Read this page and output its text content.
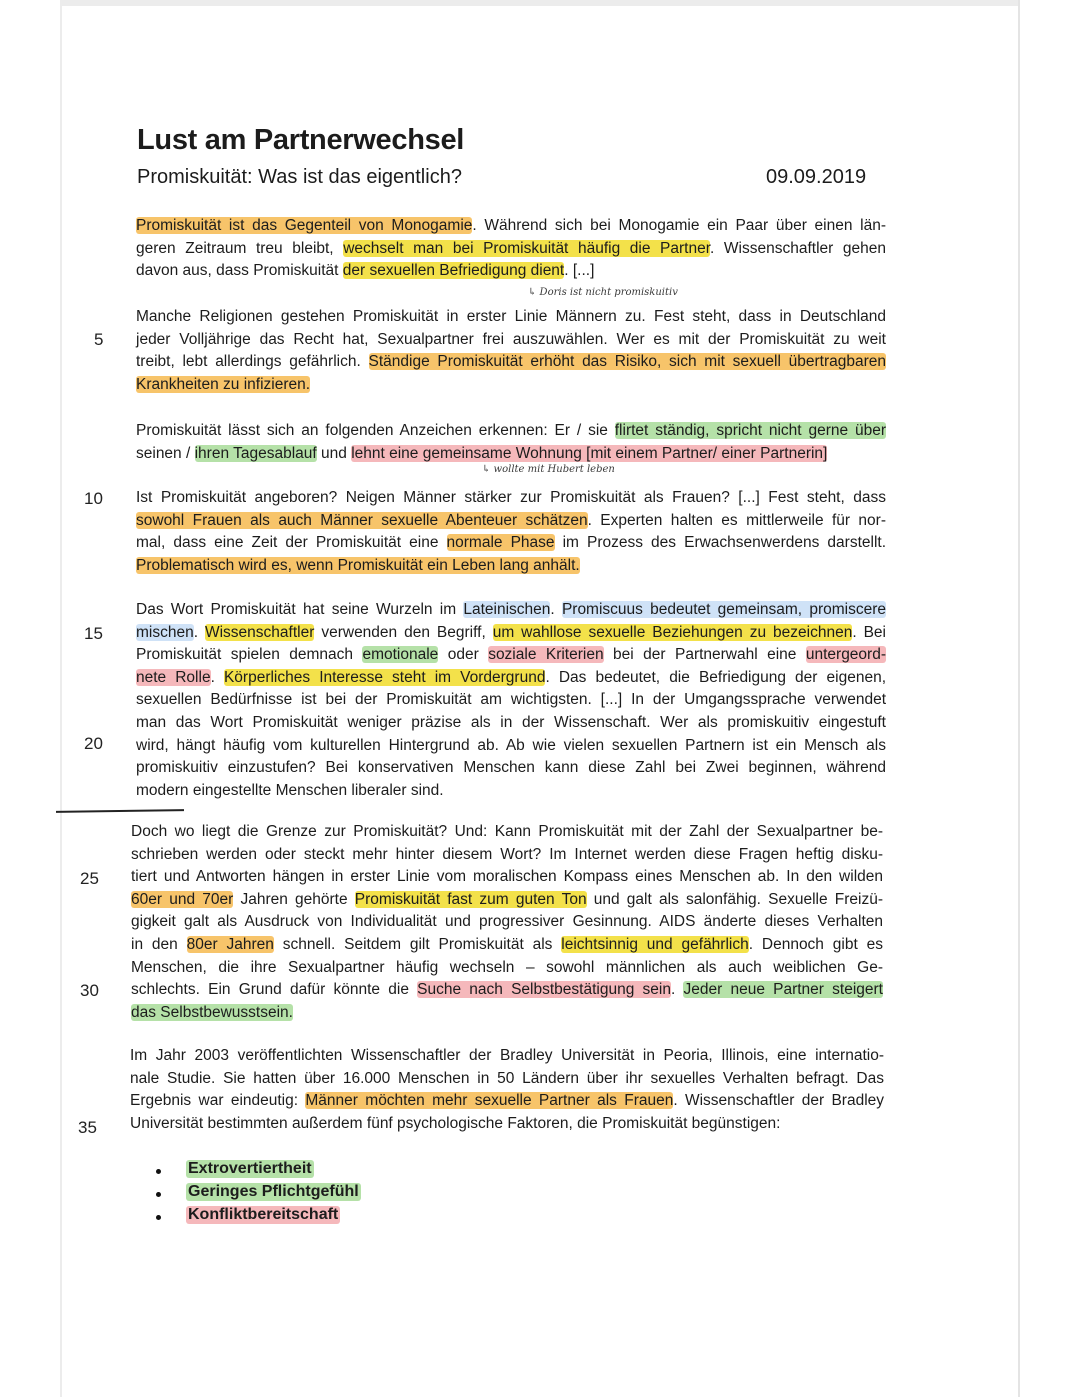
Lust am Partnerwechsel
Promiskuität: Was ist das eigentlich?	09.09.2019
5
10
15
20
25
30
35
Promiskuität ist das Gegenteil von Monogamie. Während sich bei Monogamie ein Paar über einen län-
geren Zeitraum treu bleibt, wechselt man bei Promiskuität häufig die Partner. Wissenschaftler gehen
davon aus, dass Promiskuität der sexuellen Befriedigung dient. [...]
↳ Doris ist nicht promiskuitiv
Manche Religionen gestehen Promiskuität in erster Linie Männern zu. Fest steht, dass in Deutschland
jeder Volljährige das Recht hat, Sexualpartner frei auszuwählen. Wer es mit der Promiskuität zu weit
treibt, lebt allerdings gefährlich. Ständige Promiskuität erhöht das Risiko, sich mit sexuell übertragbaren
Krankheiten zu infizieren.
Promiskuität lässt sich an folgenden Anzeichen erkennen: Er / sie flirtet ständig, spricht nicht gerne über
seinen / ihren Tagesablauf und lehnt eine gemeinsame Wohnung [mit einem Partner/ einer Partnerin]
↳ wollte mit Hubert leben
Ist Promiskuität angeboren? Neigen Männer stärker zur Promiskuität als Frauen? [...] Fest steht, dass
sowohl Frauen als auch Männer sexuelle Abenteuer schätzen. Experten halten es mittlerweile für nor-
mal, dass eine Zeit der Promiskuität eine normale Phase im Prozess des Erwachsenwerdens darstellt.
Problematisch wird es, wenn Promiskuität ein Leben lang anhält.
Das Wort Promiskuität hat seine Wurzeln im Lateinischen. Promiscuus bedeutet gemeinsam, promiscere
mischen. Wissenschaftler verwenden den Begriff, um wahllose sexuelle Beziehungen zu bezeichnen. Bei
Promiskuität spielen demnach emotionale oder soziale Kriterien bei der Partnerwahl eine untergeord-
nete Rolle. Körperliches Interesse steht im Vordergrund. Das bedeutet, die Befriedigung der eigenen,
sexuellen Bedürfnisse ist bei der Promiskuität am wichtigsten. [...] In der Umgangssprache verwendet
man das Wort Promiskuität weniger präzise als in der Wissenschaft. Wer als promiskuitiv eingestuft
wird, hängt häufig vom kulturellen Hintergrund ab. Ab wie vielen sexuellen Partnern ist ein Mensch als
promiskuitiv einzustufen? Bei konservativen Menschen kann diese Zahl bei Zwei beginnen, während
modern eingestellte Menschen liberaler sind.
Doch wo liegt die Grenze zur Promiskuität? Und: Kann Promiskuität mit der Zahl der Sexualpartner be-
schrieben werden oder steckt mehr hinter diesem Wort? Im Internet werden diese Fragen heftig disku-
tiert und Antworten hängen in erster Linie vom moralischen Kompass eines Menschen ab. In den wilden
60er und 70er Jahren gehörte Promiskuität fast zum guten Ton und galt als salonfähig. Sexuelle Freizü-
gigkeit galt als Ausdruck von Individualität und progressiver Gesinnung. AIDS änderte dieses Verhalten
in den 80er Jahren schnell. Seitdem gilt Promiskuität als leichtsinnig und gefährlich. Dennoch gibt es
Menschen, die ihre Sexualpartner häufig wechseln – sowohl männlichen als auch weiblichen Ge-
schlechts. Ein Grund dafür könnte die Suche nach Selbstbestätigung sein. Jeder neue Partner steigert
das Selbstbewusstsein.
Im Jahr 2003 veröffentlichten Wissenschaftler der Bradley Universität in Peoria, Illinois, eine internatio-
nale Studie. Sie hatten über 16.000 Menschen in 50 Ländern über ihr sexuelles Verhalten befragt. Das
Ergebnis war eindeutig: Männer möchten mehr sexuelle Partner als Frauen. Wissenschaftler der Bradley
Universität bestimmten außerdem fünf psychologische Faktoren, die Promiskuität begünstigen:
Extrovertiertheit
Geringes Pflichtgefühl
Konfliktbereitschaft
